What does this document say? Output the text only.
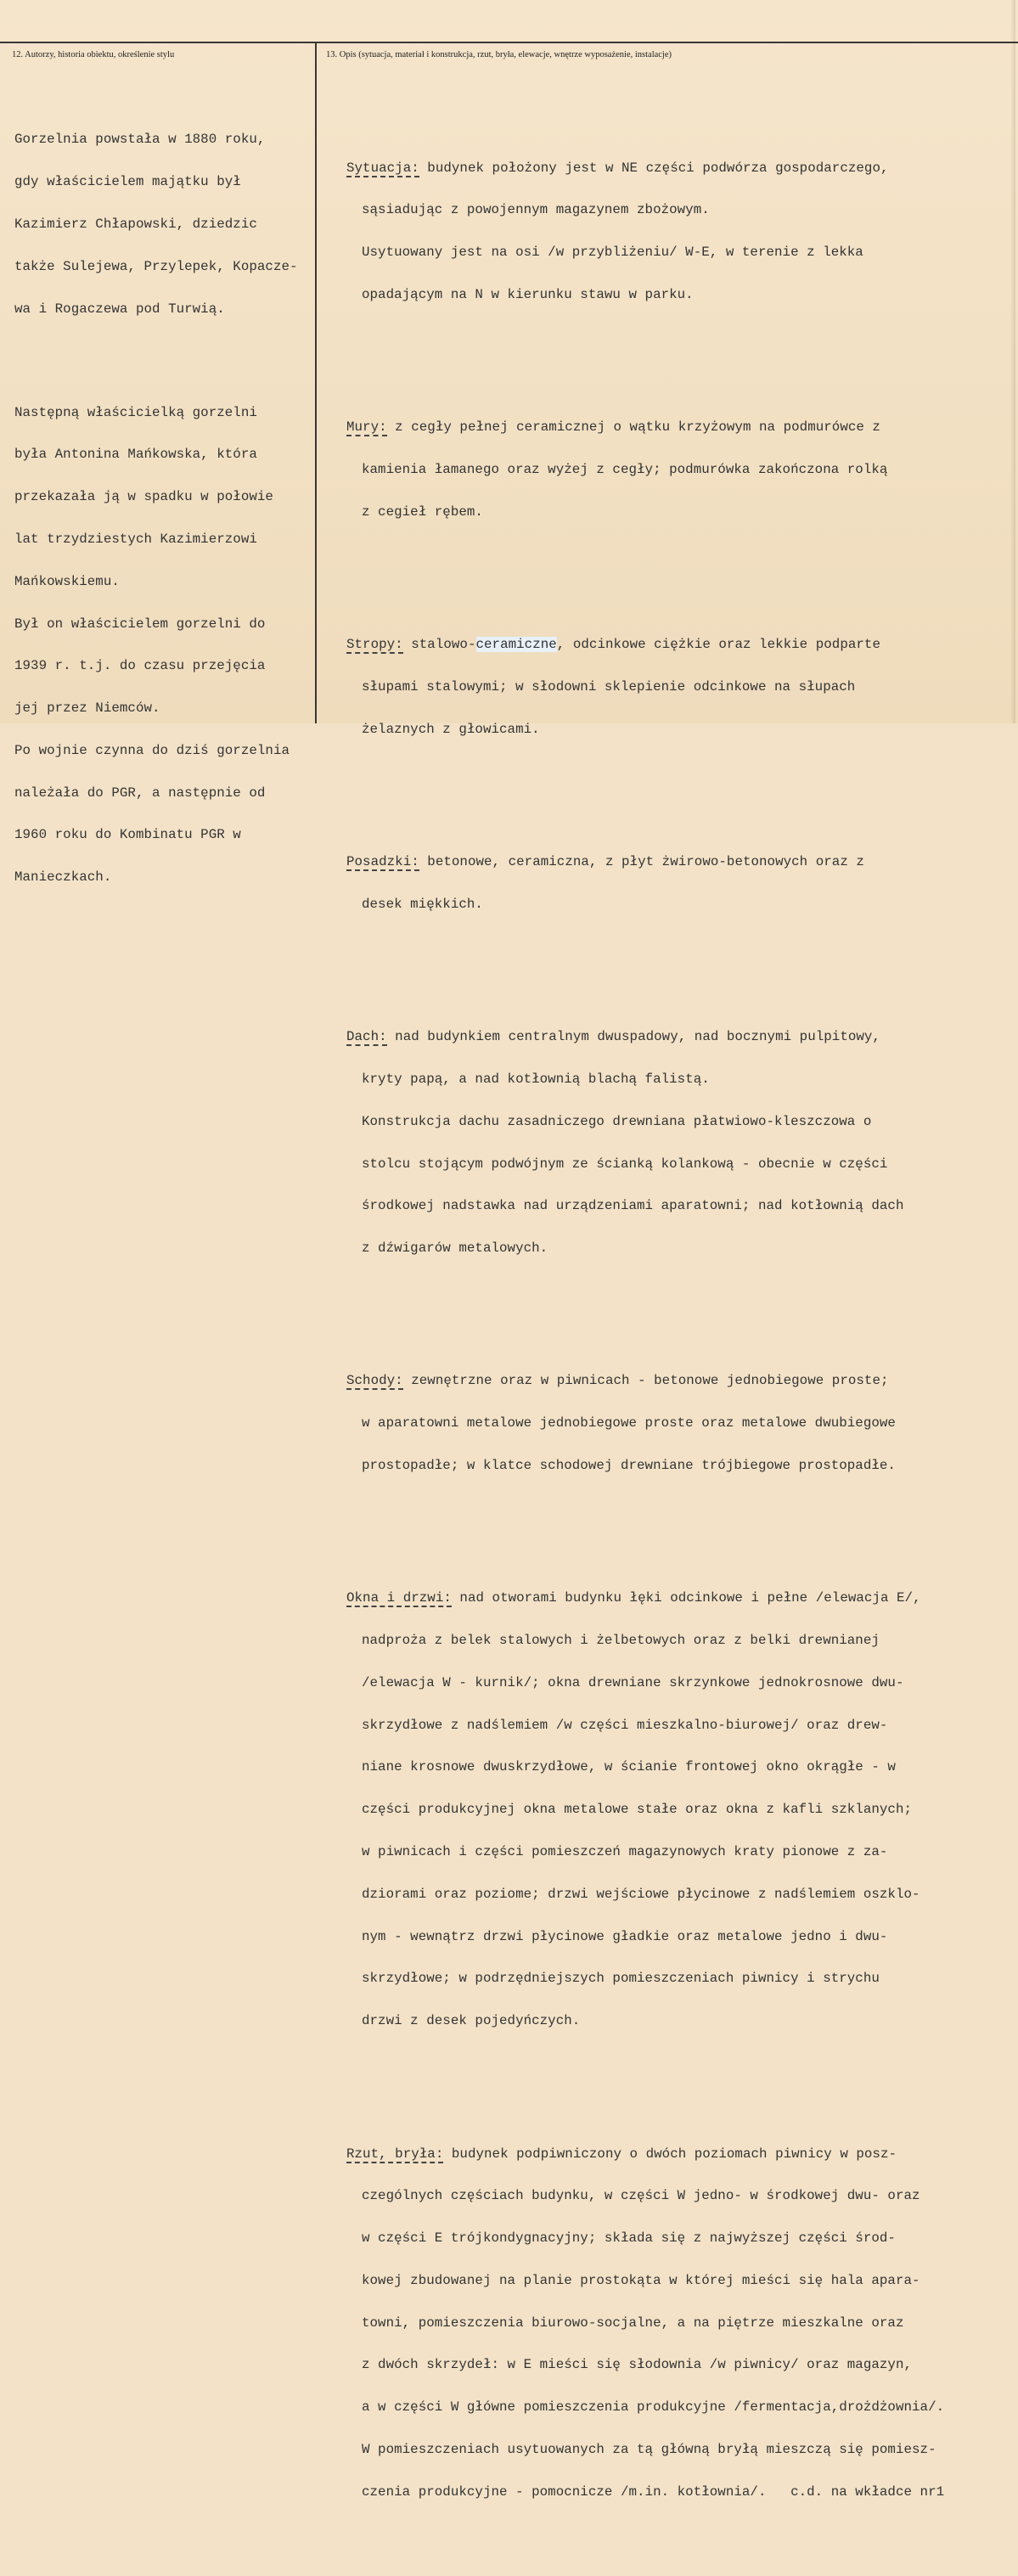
12. Autorzy, historia obiektu, określenie stylu	13. Opis (sytuacja, materiał i konstrukcja, rzut, bryła, elewacje, wnętrze wyposażenie, instalacje)

Gorzelnia powstała w 1880 roku,

gdy właścicielem majątku był

Kazimierz Chłapowski, dziedzic

także Sulejewa, Przylepek, Kopacze-

wa i Rogaczewa pod Turwią.

Następną właścicielką gorzelni

była Antonina Mańkowska, która

przekazała ją w spadku w połowie

lat trzydziestych Kazimierzowi

Mańkowskiemu.

Był on właścicielem gorzelni do

1939 r. t.j. do czasu przejęcia

jej przez Niemców.

Po wojnie czynna do dziś gorzelnia

należała do PGR, a następnie od

1960 roku do Kombinatu PGR w

Manieczkach.

Sytuacja: budynek położony jest w NE części podwórza gospodarczego,

sąsiadując z powojennym magazynem zbożowym.

Usytuowany jest na osi /w przybliżeniu/ W-E, w terenie z lekka

opadającym na N w kierunku stawu w parku.

Mury: z cegły pełnej ceramicznej o wątku krzyżowym na podmurówce z

kamienia łamanego oraz wyżej z cegły; podmurówka zakończona rolką

z cegieł rębem.

Stropy: stalowo-ceramiczne, odcinkowe ciężkie oraz lekkie podparte

słupami stalowymi; w słodowni sklepienie odcinkowe na słupach

żelaznych z głowicami.

Posadzki: betonowe, ceramiczna, z płyt żwirowo-betonowych oraz z

desek miękkich.

Dach: nad budynkiem centralnym dwuspadowy, nad bocznymi pulpitowy,

kryty papą, a nad kotłownią blachą falistą.

Konstrukcja dachu zasadniczego drewniana płatwiowo-kleszczowa o

stolcu stojącym podwójnym ze ścianką kolankową - obecnie w części

środkowej nadstawka nad urządzeniami aparatowni; nad kotłownią dach

z dźwigarów metalowych.

Schody: zewnętrzne oraz w piwnicach - betonowe jednobiegowe proste;

w aparatowni metalowe jednobiegowe proste oraz metalowe dwubiegowe

prostopadłe; w klatce schodowej drewniane trójbiegowe prostopadłe.

Okna i drzwi: nad otworami budynku łęki odcinkowe i pełne /elewacja E/,

nadproża z belek stalowych i żelbetowych oraz z belki drewnianej

/elewacja W - kurnik/; okna drewniane skrzynkowe jednokrosnowe dwu-

skrzydłowe z nadślemiem /w części mieszkalno-biurowej/ oraz drew-

niane krosnowe dwuskrzydłowe, w ścianie frontowej okno okrągłe - w

części produkcyjnej okna metalowe stałe oraz okna z kafli szklanych;

w piwnicach i części pomieszczeń magazynowych kraty pionowe z za-

dziorami oraz poziome; drzwi wejściowe płycinowe z nadślemiem oszklo-

nym - wewnątrz drzwi płycinowe gładkie oraz metalowe jedno i dwu-

skrzydłowe; w podrzędniejszych pomieszczeniach piwnicy i strychu

drzwi z desek pojedyńczych.

Rzut, bryła: budynek podpiwniczony o dwóch poziomach piwnicy w posz-

czególnych częściach budynku, w części W jedno- w środkowej dwu- oraz

w części E trójkondygnacyjny; składa się z najwyższej części środ-

kowej zbudowanej na planie prostokąta w której mieści się hala apara-

towni, pomieszczenia biurowo-socjalne, a na piętrze mieszkalne oraz

z dwóch skrzydeł: w E mieści się słodownia /w piwnicy/ oraz magazyn,

a w części W główne pomieszczenia produkcyjne /fermentacja,drożdżownia/.

W pomieszczeniach usytuowanych za tą główną bryłą mieszczą się pomiesz-

czenia produkcyjne - pomocnicze /m.in. kotłownia/.   c.d. na wkładce nr1
